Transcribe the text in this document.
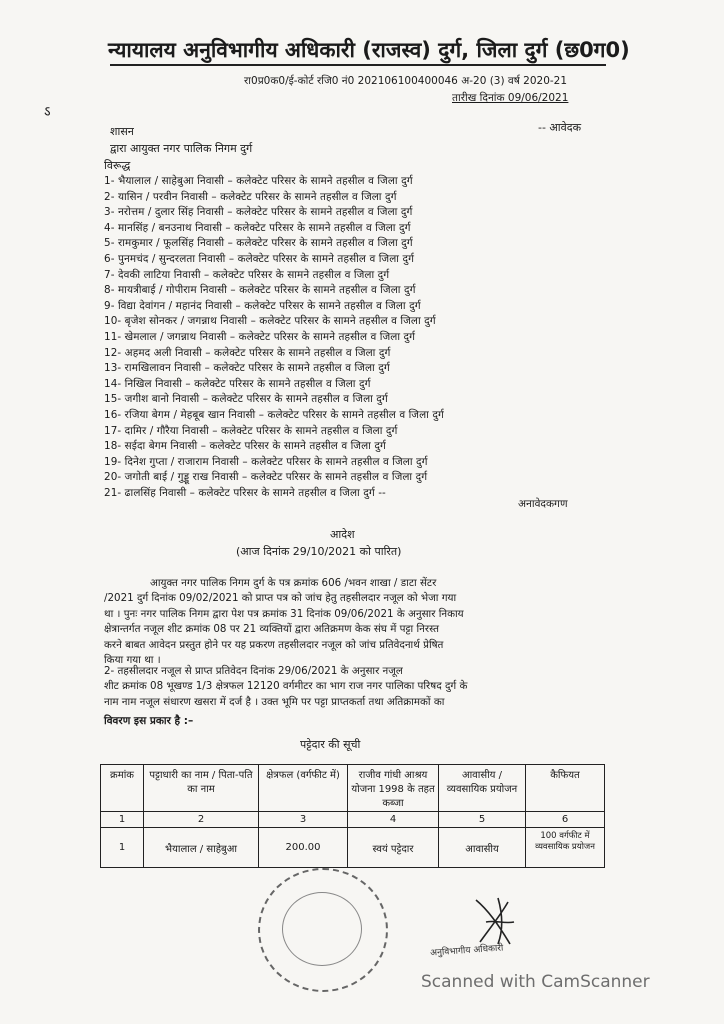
न्यायालय अनुविभागीय अधिकारी (राजस्व) दुर्ग, जिला दुर्ग (छ0ग0)
रा0प्र0क0/ई-कोर्ट रजि0 नं0 202106100400046 अ-20 (3) वर्ष 2020-21
तारीख दिनांक 09/06/2021
ऽ
शासन	-- आवेदक
द्वारा आयुक्त नगर पालिक निगम दुर्ग
विरूद्ध
1- भैयालाल / साहेबुआ निवासी – कलेक्टेट परिसर के सामने तहसील व जिला दुर्ग
2- यासिन / परवीन निवासी – कलेक्टेट परिसर के सामने तहसील व जिला दुर्ग
3- नरोत्तम / दुलार सिंह निवासी – कलेक्टेट परिसर के सामने तहसील व जिला दुर्ग
4- मानसिंह / बनउनाथ निवासी – कलेक्टेट परिसर के सामने तहसील व जिला दुर्ग
5- रामकुमार / फूलसिंह निवासी – कलेक्टेट परिसर के सामने तहसील व जिला दुर्ग
6- पुनमचंद / सुन्दरलता निवासी – कलेक्टेट परिसर के सामने तहसील व जिला दुर्ग
7- देवकी लाटिया निवासी – कलेक्टेट परिसर के सामने तहसील व जिला दुर्ग
8- मायत्रीबाई / गोपीराम निवासी – कलेक्टेट परिसर के सामने तहसील व जिला दुर्ग
9- विद्या देवांगन / महानंद निवासी – कलेक्टेट परिसर के सामने तहसील व जिला दुर्ग
10- बृजेश सोनकर / जगन्नाथ निवासी – कलेक्टेट परिसर के सामने तहसील व जिला दुर्ग
11- खेमलाल / जगन्नाथ निवासी – कलेक्टेट परिसर के सामने तहसील व जिला दुर्ग
12- अहमद अली निवासी – कलेक्टेट परिसर के सामने तहसील व जिला दुर्ग
13- रामखिलावन निवासी – कलेक्टेट परिसर के सामने तहसील व जिला दुर्ग
14- निखिल निवासी – कलेक्टेट परिसर के सामने तहसील व जिला दुर्ग
15- जगीश बानो निवासी – कलेक्टेट परिसर के सामने तहसील व जिला दुर्ग
16- रजिया बेगम / मेहबूब खान निवासी – कलेक्टेट परिसर के सामने तहसील व जिला दुर्ग
17- दामिर / गौरैया निवासी – कलेक्टेट परिसर के सामने तहसील व जिला दुर्ग
18- सईदा बेगम निवासी – कलेक्टेट परिसर के सामने तहसील व जिला दुर्ग
19- दिनेश गुप्ता / राजाराम निवासी – कलेक्टेट परिसर के सामने तहसील व जिला दुर्ग
20- जगोती बाई / गुड्डू राख निवासी – कलेक्टेट परिसर के सामने तहसील व जिला दुर्ग
21- ढालसिंह निवासी – कलेक्टेट परिसर के सामने तहसील व जिला दुर्ग --
अनावेदकगण
आदेश
(आज दिनांक 29/10/2021 को पारित)
आयुक्त नगर पालिक निगम दुर्ग के पत्र क्रमांक 606 /भवन शाखा / डाटा सेंटर
/2021 दुर्ग दिनांक 09/02/2021 को प्राप्त पत्र को जांच हेतु तहसीलदार नजूल को भेजा गया
था । पुनः नगर पालिक निगम द्वारा पेश पत्र क्रमांक 31 दिनांक 09/06/2021 के अनुसार निकाय
क्षेत्रान्तर्गत नजूल शीट क्रमांक 08 पर 21 व्यक्तियों द्वारा अतिक्रमण केक संघ में पट्टा निरस्त
करने बाबत आवेदन प्रस्तुत होने पर यह प्रकरण तहसीलदार नजूल को जांच प्रतिवेदनार्थ प्रेषित
किया गया था ।
2- तहसीलदार नजूल से प्राप्त प्रतिवेदन दिनांक 29/06/2021 के अनुसार नजूल
शीट क्रमांक 08 भूखण्ड 1/3 क्षेत्रफल 12120 वर्गमीटर का भाग राज नगर पालिका परिषद दुर्ग के
नाम नाम नजूल संधारण खसरा में दर्ज है । उक्त भूमि पर पट्टा प्राप्तकर्ता तथा अतिक्रामकों का
विवरण इस प्रकार है :–
पट्टेदार की सूची
क्रमांक	पट्टाधारी का नाम / पिता-पति का नाम	क्षेत्रफल (वर्गफीट में)	राजीव गांधी आश्रय योजना 1998 के तहत कब्जा	आवासीय / व्यवसायिक प्रयोजन	कैफियत
1	2	3	4	5	6
1	भैयालाल / साहेबुआ	200.00	स्वयं पट्टेदार	आवासीय	100 वर्गफीट में व्यवसायिक प्रयोजन
अनुविभागीय अधिकारी
Scanned with CamScanner
